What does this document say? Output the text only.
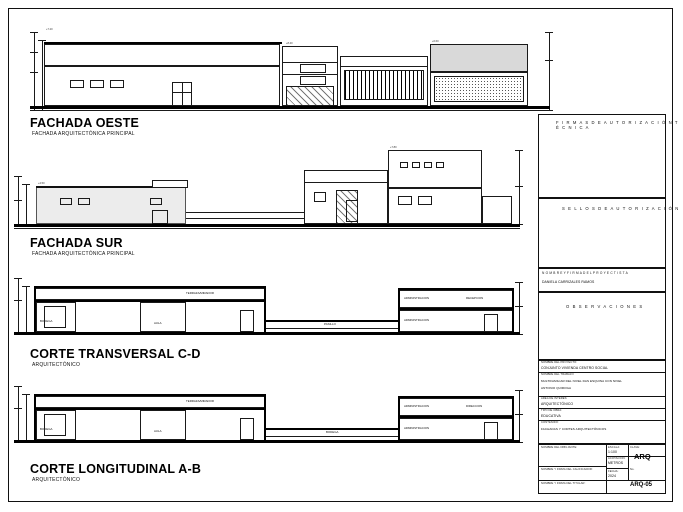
+7.20
+8.40
+6.60
FACHADA OESTE
FACHADA ARQUITECTÓNICA PRINCIPAL
+4.50
+7.80
FACHADA SUR
FACHADA ARQUITECTÓNICA PRINCIPAL
TERRAZA/MIRADOR
BODEGA	AULA	PASILLO
ADMINISTRACION	RECEPCION
ADMINISTRACION
CORTE TRANSVERSAL C-D
ARQUITECTÓNICO
TERRAZA/MIRADOR
BODEGA	AULA	BODEGA
ADMINISTRACION	DIRECCION
ADMINISTRACION
CORTE LONGITUDINAL A-B
ARQUITECTÓNICO
F I R M A S D E A U T O R I Z A C I Ó N T É C N I C A
S E L L O S D E A U T O R I Z A C I Ó N
N O M B R E Y F I R M A D E L P R O Y E C T I S T A
DANIELA CARRIZALES RAMOS
O B S E R V A C I O N E S
NOMBRE DEL PROYECTO:
CONJUNTO VIVIENDA CENTRO SOCIAL
NOMBRE DEL TRABAJO:
MULTIFAMILIAR DEL NIVEL DAS ESQUINA CON NIVEL
ANTONIO QUIROGA
AREA DE INTERES:
ARQUITECTÓNICO
TIPO DE OBRA:
EDUCATIVA
CONTENIDO:
FACHADAS Y CORTES ARQUITECTÓNICOS
NOMBRE DEL DIBUJANTE:
NOMBRE Y FIRMA DEL CALIFICADOR:
NOMBRE Y FIRMA DEL TITULAR:
ESCALA:
1:100
ACOTACIÓN:
METROS
FECHA:
2024
CLAVE:
ARQ
No.
ARQ-05
